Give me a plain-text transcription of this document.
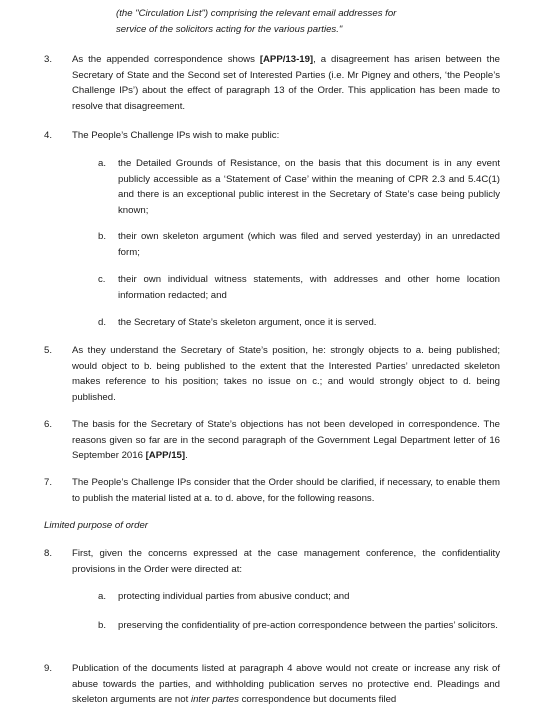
(the "Circulation List") comprising the relevant email addresses for
service of the solicitors acting for the various parties."
3.	As the appended correspondence shows [APP/13-19], a disagreement has arisen between the Secretary of State and the Second set of Interested Parties (i.e. Mr Pigney and others, ‘the People’s Challenge IPs’) about the effect of paragraph 13 of the Order. This application has been made to resolve that disagreement.
4.	The People’s Challenge IPs wish to make public:
a.	the Detailed Grounds of Resistance, on the basis that this document is in any event publicly accessible as a ‘Statement of Case’ within the meaning of CPR 2.3 and 5.4C(1) and there is an exceptional public interest in the Secretary of State’s case being publicly known;
b.	their own skeleton argument (which was filed and served yesterday) in an unredacted form;
c.	their own individual witness statements, with addresses and other home location information redacted; and
d.	the Secretary of State’s skeleton argument, once it is served.
5.	As they understand the Secretary of State’s position, he: strongly objects to a. being published; would object to b. being published to the extent that the Interested Parties’ unredacted skeleton makes reference to his position; takes no issue on c.; and would strongly object to d. being published.
6.	The basis for the Secretary of State’s objections has not been developed in correspondence. The reasons given so far are in the second paragraph of the Government Legal Department letter of 16 September 2016 [APP/15].
7.	The People’s Challenge IPs consider that the Order should be clarified, if necessary, to enable them to publish the material listed at a. to d. above, for the following reasons.
Limited purpose of order
8.	First, given the concerns expressed at the case management conference, the confidentiality provisions in the Order were directed at:
a.	protecting individual parties from abusive conduct; and
b.	preserving the confidentiality of pre-action correspondence between the parties’ solicitors.
9.	Publication of the documents listed at paragraph 4 above would not create or increase any risk of abuse towards the parties, and withholding publication serves no protective end. Pleadings and skeleton arguments are not inter partes correspondence but documents filed
